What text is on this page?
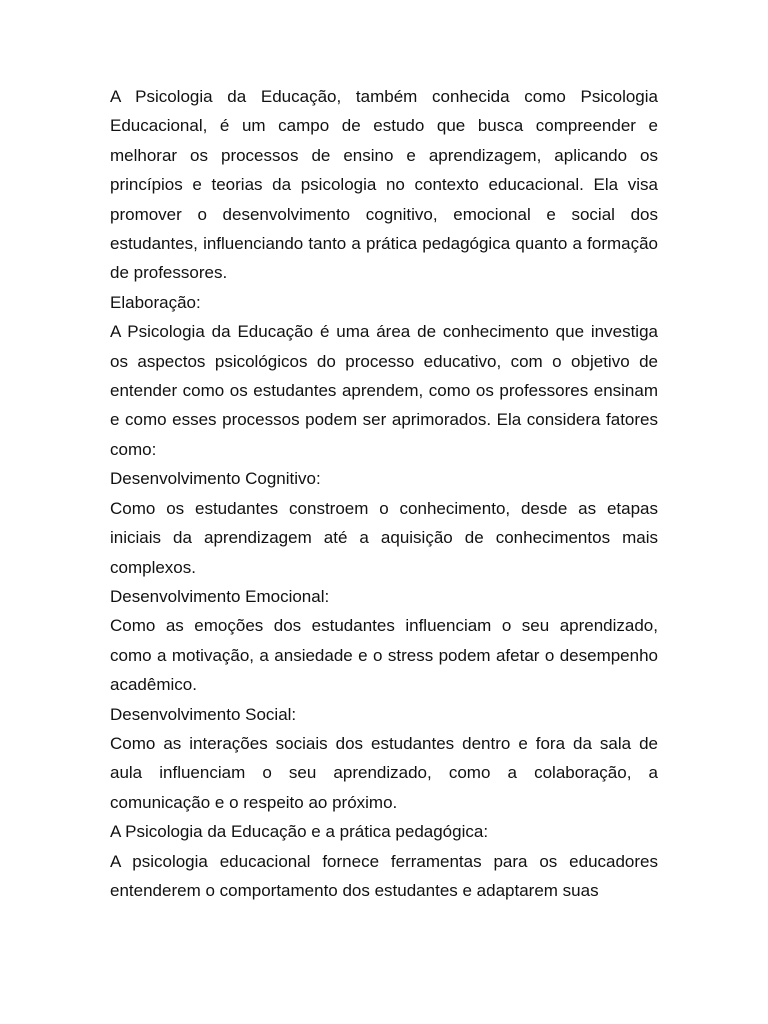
A Psicologia da Educação, também conhecida como Psicologia Educacional, é um campo de estudo que busca compreender e melhorar os processos de ensino e aprendizagem, aplicando os princípios e teorias da psicologia no contexto educacional. Ela visa promover o desenvolvimento cognitivo, emocional e social dos estudantes, influenciando tanto a prática pedagógica quanto a formação de professores.

Elaboração:

A Psicologia da Educação é uma área de conhecimento que investiga os aspectos psicológicos do processo educativo, com o objetivo de entender como os estudantes aprendem, como os professores ensinam e como esses processos podem ser aprimorados. Ela considera fatores como:

Desenvolvimento Cognitivo:

Como os estudantes constroem o conhecimento, desde as etapas iniciais da aprendizagem até a aquisição de conhecimentos mais complexos.

Desenvolvimento Emocional:

Como as emoções dos estudantes influenciam o seu aprendizado, como a motivação, a ansiedade e o stress podem afetar o desempenho acadêmico.

Desenvolvimento Social:

Como as interações sociais dos estudantes dentro e fora da sala de aula influenciam o seu aprendizado, como a colaboração, a comunicação e o respeito ao próximo.

A Psicologia da Educação e a prática pedagógica:

A psicologia educacional fornece ferramentas para os educadores entenderem o comportamento dos estudantes e adaptarem suas
